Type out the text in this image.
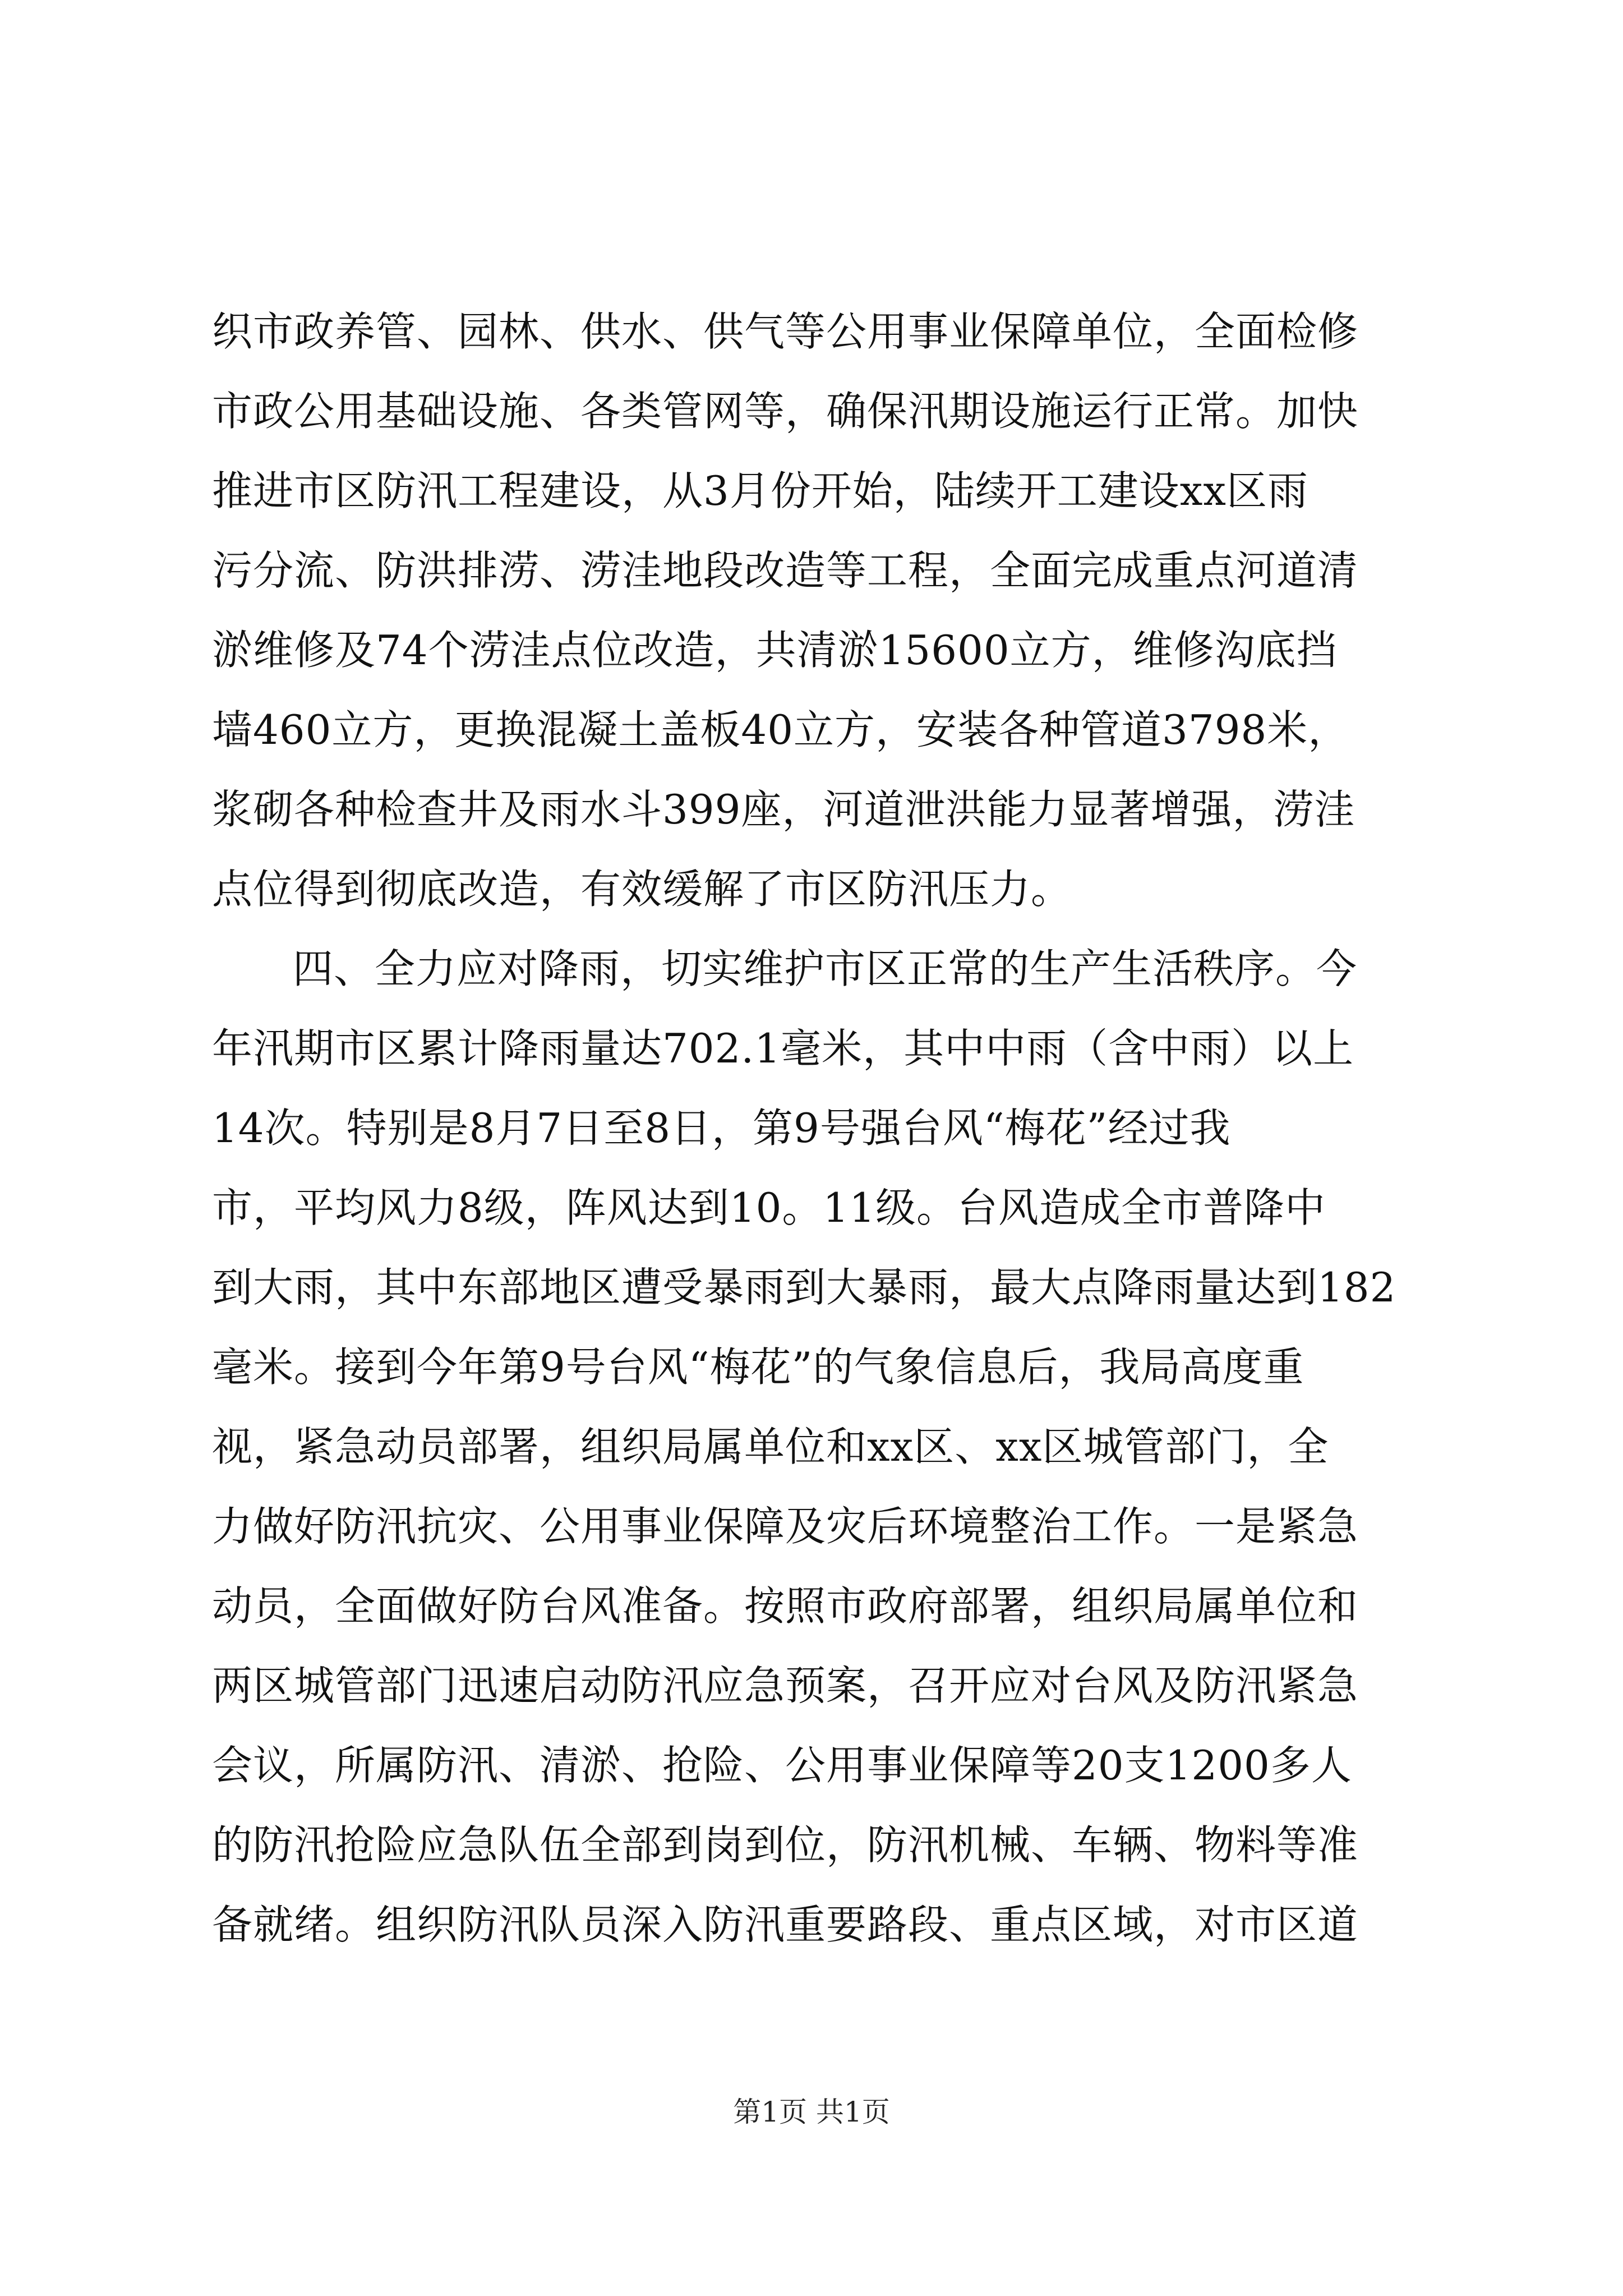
织市政养管、园林、供水、供气等公用事业保障单位，全面检修
市政公用基础设施、各类管网等，确保汛期设施运行正常。加快
推进市区防汛工程建设，从3月份开始，陆续开工建设xx区雨
污分流、防洪排涝、涝洼地段改造等工程，全面完成重点河道清
淤维修及74个涝洼点位改造，共清淤15600立方，维修沟底挡
墙460立方，更换混凝土盖板40立方，安装各种管道3798米，
浆砌各种检查井及雨水斗399座，河道泄洪能力显著增强，涝洼
点位得到彻底改造，有效缓解了市区防汛压力。
四、全力应对降雨，切实维护市区正常的生产生活秩序。今
年汛期市区累计降雨量达702.1毫米，其中中雨（含中雨）以上
14次。特别是8月7日至8日，第9号强台风“梅花”经过我
市，平均风力8级，阵风达到10。11级。台风造成全市普降中
到大雨，其中东部地区遭受暴雨到大暴雨，最大点降雨量达到182
毫米。接到今年第9号台风“梅花”的气象信息后，我局高度重
视，紧急动员部署，组织局属单位和xx区、xx区城管部门，全
力做好防汛抗灾、公用事业保障及灾后环境整治工作。一是紧急
动员，全面做好防台风准备。按照市政府部署，组织局属单位和
两区城管部门迅速启动防汛应急预案，召开应对台风及防汛紧急
会议，所属防汛、清淤、抢险、公用事业保障等20支1200多人
的防汛抢险应急队伍全部到岗到位，防汛机械、车辆、物料等准
备就绪。组织防汛队员深入防汛重要路段、重点区域，对市区道
第1页 共1页
